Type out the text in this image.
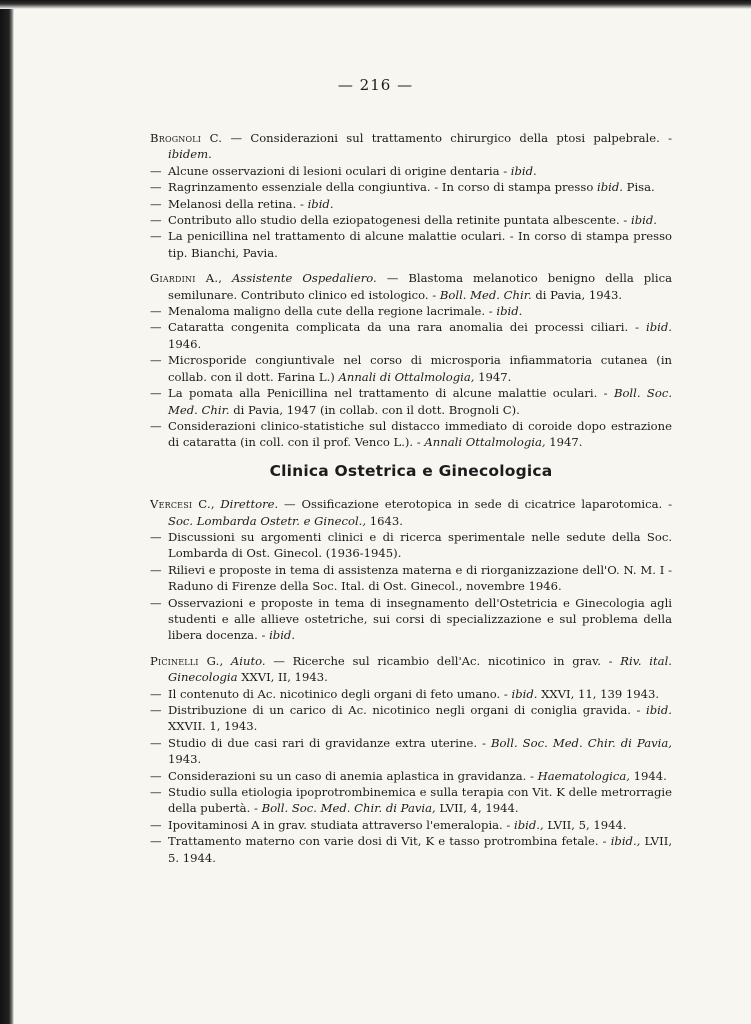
— 216 —
Brognoli C. — Considerazioni sul trattamento chirurgico della ptosi palpebrale. - ibidem.
— Alcune osservazioni di lesioni oculari di origine dentaria - ibid.
— Ragrinzamento essenziale della congiuntiva. - In corso di stampa presso ibid. Pisa.
— Melanosi della retina. - ibid.
— Contributo allo studio della eziopatogenesi della retinite puntata albescente. - ibid.
— La penicillina nel trattamento di alcune malattie oculari. - In corso di stampa presso tip. Bianchi, Pavia.
Giardini A., Assistente Ospedaliero. — Blastoma melanotico benigno della plica semilunare. Contributo clinico ed istologico. - Boll. Med. Chir. di Pavia, 1943.
— Menaloma maligno della cute della regione lacrimale. - ibid.
— Cataratta congenita complicata da una rara anomalia dei processi ciliari. - ibid. 1946.
— Microsporide congiuntivale nel corso di microsporia infiammatoria cutanea (in collab. con il dott. Farina L.) Annali di Ottalmologia, 1947.
— La pomata alla Penicillina nel trattamento di alcune malattie oculari. - Boll. Soc. Med. Chir. di Pavia, 1947 (in collab. con il dott. Brognoli C).
— Considerazioni clinico-statistiche sul distacco immediato di coroide dopo estrazione di cataratta (in coll. con il prof. Venco L.). - Annali Ottalmologia, 1947.
Clinica Ostetrica e Ginecologica
Vercesi C., Direttore. — Ossificazione eterotopica in sede di cicatrice laparotomica. - Soc. Lombarda Ostetr. e Ginecol., 1643.
— Discussioni su argomenti clinici e di ricerca sperimentale nelle sedute della Soc. Lombarda di Ost. Ginecol. (1936-1945).
— Rilievi e proposte in tema di assistenza materna e di riorganizzazione dell'O. N. M. I - Raduno di Firenze della Soc. Ital. di Ost. Ginecol., novembre 1946.
— Osservazioni e proposte in tema di insegnamento dell'Ostetricia e Ginecologia agli studenti e alle allieve ostetriche, sui corsi di specializzazione e sul problema della libera docenza. - ibid.
Picinelli G., Aiuto. — Ricerche sul ricambio dell'Ac. nicotinico in grav. - Riv. ital. Ginecologia XXVI, II, 1943.
— Il contenuto di Ac. nicotinico degli organi di feto umano. - ibid. XXVI, 11, 139 1943.
— Distribuzione di un carico di Ac. nicotinico negli organi di coniglia gravida. - ibid. XXVII. 1, 1943.
— Studio di due casi rari di gravidanze extra uterine. - Boll. Soc. Med. Chir. di Pavia, 1943.
— Considerazioni su un caso di anemia aplastica in gravidanza. - Haematologica, 1944.
— Studio sulla etiologia ipoprotrombinemica e sulla terapia con Vit. K delle metrorragie della pubertà. - Boll. Soc. Med. Chir. di Pavia, LVII, 4, 1944.
— Ipovitaminosi A in grav. studiata attraverso l'emeralopia. - ibid., LVII, 5, 1944.
— Trattamento materno con varie dosi di Vit, K e tasso protrombina fetale. - ibid., LVII, 5. 1944.
